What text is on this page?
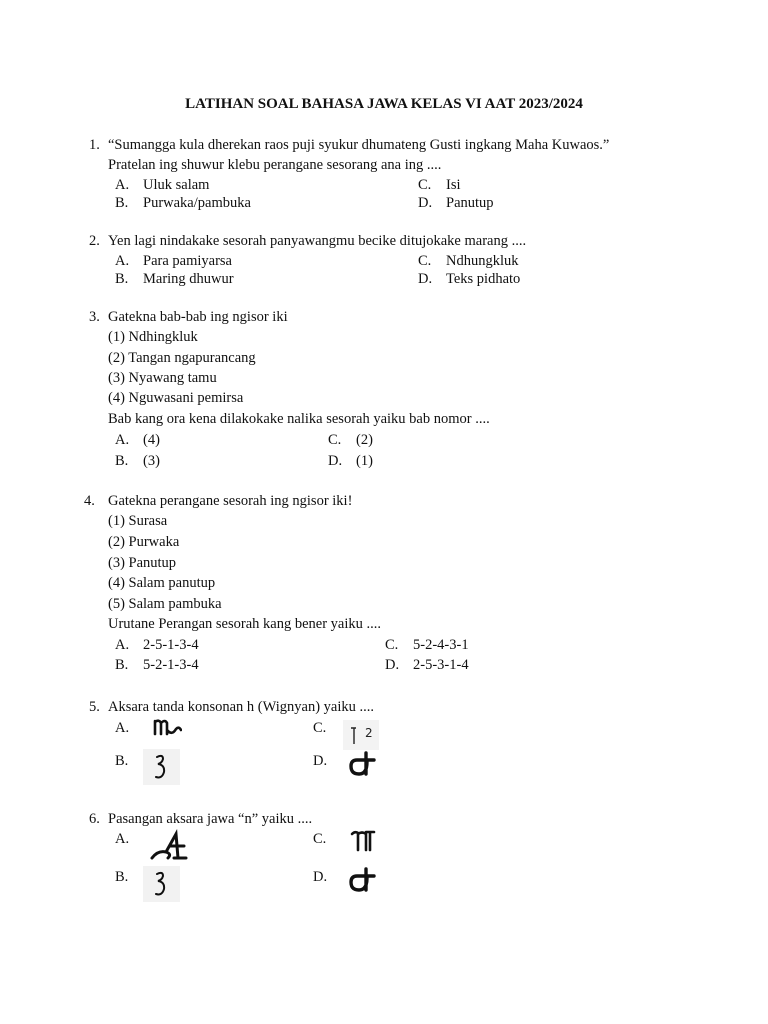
LATIHAN SOAL BAHASA JAWA KELAS VI AAT 2023/2024
1. “Sumangga kula dherekan raos puji syukur dhumateng Gusti ingkang Maha Kuwaos.”
Pratelan ing shuwur klebu perangane sesorang ana ing ....
A. Uluk salam
B. Purwaka/pambuka
C. Isi
D. Panutup
2. Yen lagi nindakake sesorah panyawangmu becike ditujokake marang ....
A. Para pamiyarsa
B. Maring dhuwur
C. Ndhungkluk
D. Teks pidhato
3. Gatekna bab-bab ing ngisor iki
(1) Ndhingkluk
(2) Tangan ngapurancang
(3) Nyawang tamu
(4) Nguwasani pemirsa
Bab kang ora kena dilakokake nalika sesorah yaiku bab nomor ....
A. (4)
B. (3)
C. (2)
D. (1)
4. Gatekna perangane sesorah ing ngisor iki!
(1) Surasa
(2) Purwaka
(3) Panutup
(4) Salam panutup
(5) Salam pambuka
Urutane Perangan sesorah kang bener yaiku ....
A. 2-5-1-3-4
B. 5-2-1-3-4
C. 5-2-4-3-1
D. 2-5-3-1-4
5. Aksara tanda konsonan h (Wignyan) yaiku ....
A.
B.
C.
D.
2
6. Pasangan aksara jawa “n” yaiku ....
A.
B.
C.
D.
